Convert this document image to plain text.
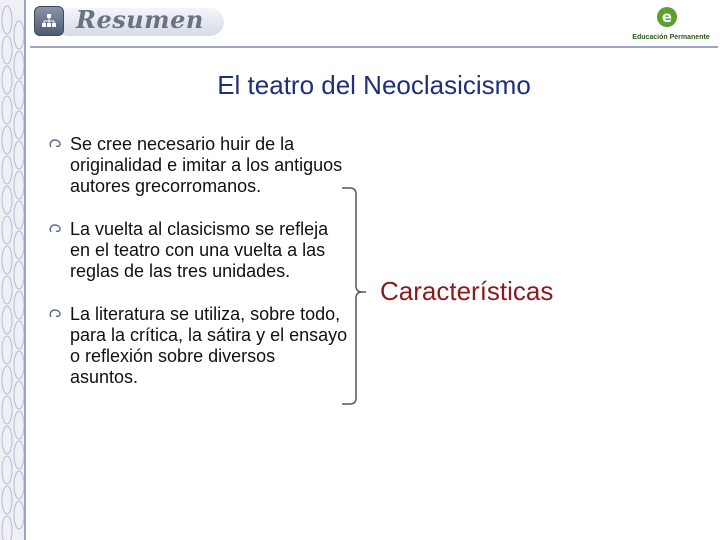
Resumen	e
Educación Permanente
El teatro del Neoclasicismo
Se cree necesario huir de la originalidad e imitar a los antiguos autores grecorromanos.
La vuelta al clasicismo se refleja en el teatro con una vuelta a las reglas de las tres unidades.
La literatura se utiliza, sobre todo, para la crítica, la sátira y el ensayo o reflexión sobre diversos asuntos.
Características
